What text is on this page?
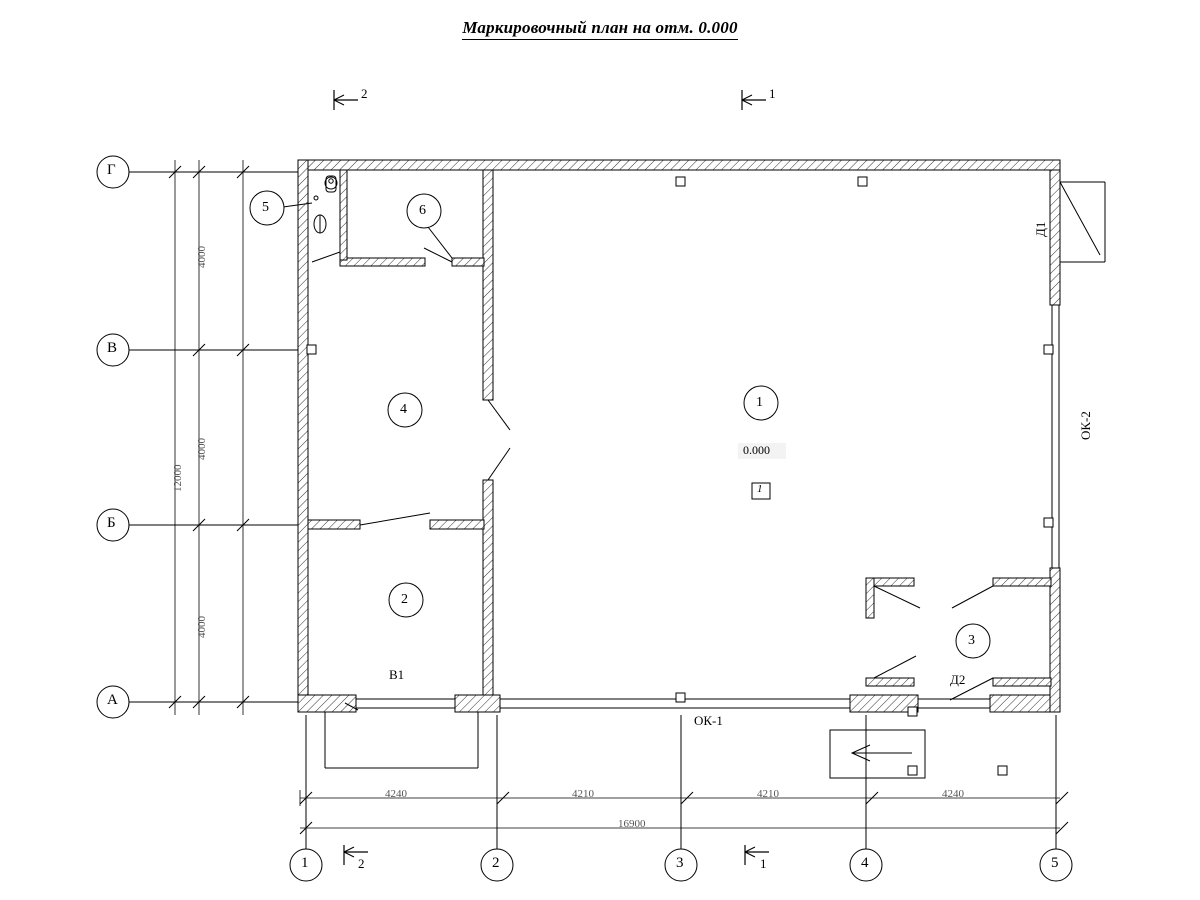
Маркировочный план на отм. 0.000
Г
В
Б
А
1	2	3	4	5
2	1
2	1
4000
4000
4000
12000
4240	4210	4210	4240
16900
1
2
3
4
5	6
0.000
1
ОК-1
ОК-2
Д1
Д2
В1
